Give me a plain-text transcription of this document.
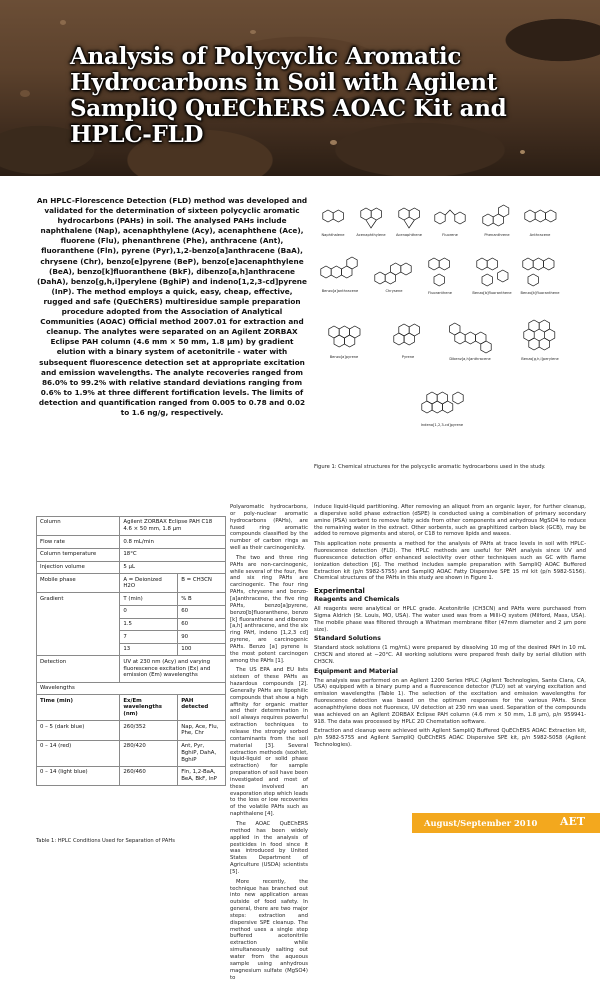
Analysis of Polycyclic Aromatic Hydrocarbons in Soil with Agilent SampliQ QuEChERS AOAC Kit and HPLC-FLD
An HPLC-Florescence Detection (FLD) method was developed and validated for the determination of sixteen polycyclic aromatic hydrocarbons (PAHs) in soil. The analysed PAHs include naphthalene (Nap), acenaphthylene (Acy), acenaphthene (Ace), fluorene (Flu), phenanthrene (Phe), anthracene (Ant), fluoranthene (Fln), pyrene (Pyr),1,2-benzo[a]anthracene (BaA), chrysene (Chr), benzo[e]pyrene (BeP), benzo[e]acenaphthylene (BeA), benzo[k]fluoranthene (BkF), dibenzo[a,h]anthracene (DahA), benzo[g,h,i]perylene (BghiP) and indeno[1,2,3-cd]pyrene (InP). The method employs a quick, easy, cheap, effective, rugged and safe (QuEChERS) multiresidue sample preparation procedure adopted from the Association of Analytical Communities (AOAC) Official method 2007.01 for extraction and cleanup. The analytes were separated on an Agilent ZORBAX Eclipse PAH column (4.6 mm × 50 mm, 1.8 µm) by gradient elution with a binary system of acetonitrile - water with subsequent fluorescence detection set at appropriate excitation and emission wavelengths. The analyte recoveries ranged from 86.0% to 99.2% with relative standard deviations ranging from 0.6% to 1.9% at three different fortification levels. The limits of detection and quantification ranged from 0.005 to 0.78 and 0.02 to 1.6 ng/g, respectively.
Naphthalene	Acenaphthylene	Acenaphthene	Fluorene	Phenanthrene	Anthracene
Benzo[a]anthracene	Chrysene	Fluoranthene	Benzo[b]fluoranthene Benzo[k]fluoranthene
Benzo[a]pyrene	Pyrene	Dibenz[a,h]anthracene	Benzo[g,h,i]perylene
Indeno[1,2,3-cd]pyrene
Figure 1: Chemical structures for the polycyclic aromatic hydrocarbons used in the study.
Column	Agilent ZORBAX Eclipse PAH C18 4.6 × 50 mm, 1.8 µm	
Flow rate	0.8 mL/min	
Column temperature	18°C	
Injection volume	5 µL	
Mobile phase	A = Deionized H2O	B = CH3CN
Gradient	T (min)	% B
	0	60
	1.5	60
	7	90
	13	100
Detection	UV at 230 nm (Acy) and varying fluorescence excitation (Ex) and emission (Em) wavelengths	
Wavelengths		
Time (min)	Ex/Em wavelengths (nm)	PAH detected
0 – 5 (dark blue)	260/352	Nap, Ace, Flu, Phe, Chr
0 – 14 (red)	280/420	Ant, Pyr, BghiP, DahA, BghiP
0 – 14 (light blue)	260/460	Fln, 1,2-BaA, BeA, BkF, InP
Table 1: HPLC Conditions Used for Separation of PAHs

Polyaromatic hydrocarbons, or poly-nuclear aromatic hydrocarbons (PAHs), are fused ring aromatic compounds classified by the number of carbon rings as well as their carcinogenicity.

The two and three ring PAHs are non-carcinogenic, while several of the four, five and six ring PAHs are carcinogenic. The four ring PAHs, chrysene and benzo-[a]anthracene, the five ring PAHs, benzo[a]pyrene, benzo[b]fluoranthene, benzo [k] fluoranthene and dibenzo [a,h] anthracene, and the six ring PAH, indeno [1,2,3 cd] pyrene, are carcinogenic PAHs. Benzo [a] pyrene is the most potent carcinogen among the PAHs [1].

The US EPA and EU lists sixteen of these PAHs as hazardous compounds [2]. Generally PAHs are lipophilic compounds that show a high affinity for organic matter and their determination in soil always requires powerful extraction techniques to release the strongly sorbed contaminants from the soil material [3]. Several extraction methods (soxhlet, liquid-liquid or solid phase extraction) for sample preparation of soil have been investigated and most of these involved an evaporation step which leads to the loss or low recoveries of the volatile PAHs such as naphthalene [4].

The AOAC QuEChERS method has been widely applied in the analysis of pesticides in food since it was introduced by United States Department of Agriculture (USDA) scientists [5].

More recently, the technique has branched out into new application areas outside of food safety. In general, there are two major steps: extraction and dispersive SPE cleanup. The method uses a single step buffered acetonitrile extraction while simultaneously salting out water from the aqueous sample using anhydrous magnesium sulfate (MgSO4) to

induce liquid-liquid partitioning. After removing an aliquot from an organic layer, for further cleanup, a dispersive solid phase extraction (dSPE) is conducted using a combination of primary secondary amine (PSA) sorbent to remove fatty acids from other components and anhydrous MgSO4 to reduce the remaining water in the extract. Other sorbents, such as graphitized carbon black (GCB), may be added to remove pigments and sterol, or C18 to remove lipids and waxes.

This application note presents a method for the analysis of PAHs at trace levels in soil with HPLC-fluorescence detection (FLD). The HPLC methods are useful for PAH analysis since UV and fluorescence detection offer enhanced selectivity over other techniques such as GC with flame ionization detection [6]. The method includes sample preparation with SampliQ AOAC Buffered Extraction kit (p/n 5982-5755) and SampliQ AOAC Fatty Dispersive SPE 15 ml kit (p/n 5982-5156). Chemical structures of the PAHs in this study are shown in Figure 1.

Experimental
Reagents and Chemicals

All reagents were analytical or HPLC grade. Acetonitrile (CH3CN) and PAHs were purchased from Sigma Aldrich (St. Louis, MO, USA). The water used was from a Milli-Q system (Milford, Mass, USA). The mobile phase was filtered through a Whatman membrane filter (47mm diameter and 2 µm pore size).

Standard Solutions

Standard stock solutions (1 mg/mL) were prepared by dissolving 10 mg of the desired PAH in 10 mL CH3CN and stored at −20°C. All working solutions were prepared fresh daily by serial dilution with CH3CN.

Equipment and Material

The analysis was performed on an Agilent 1200 Series HPLC (Agilent Technologies, Santa Clara, CA, USA) equipped with a binary pump and a fluorescence detector (FLD) set at varying excitation and emission wavelengths (Table 1). The selection of the excitation and emission wavelengths for fluorescence detection was based on the optimum responses for the various PAHs. Since acenaphthylene does not fluoresce, UV detection at 230 nm was used. Separation of the compounds was achieved on an Agilent ZORBAX Eclipse PAH column (4.6 mm × 50 mm, 1.8 µm), p/n 959941-918. The data was processed by HPLC 2D Chemstation software.

Extraction and cleanup were achieved with Agilent SampliQ Buffered QuEChERS AOAC Extraction kit, p/n 5982-5755 and Agilent SampliQ QuEChERS AOAC Dispersive SPE kit, p/n 5982-5058 (Agilent Technologies).

August/September 2010 AET
